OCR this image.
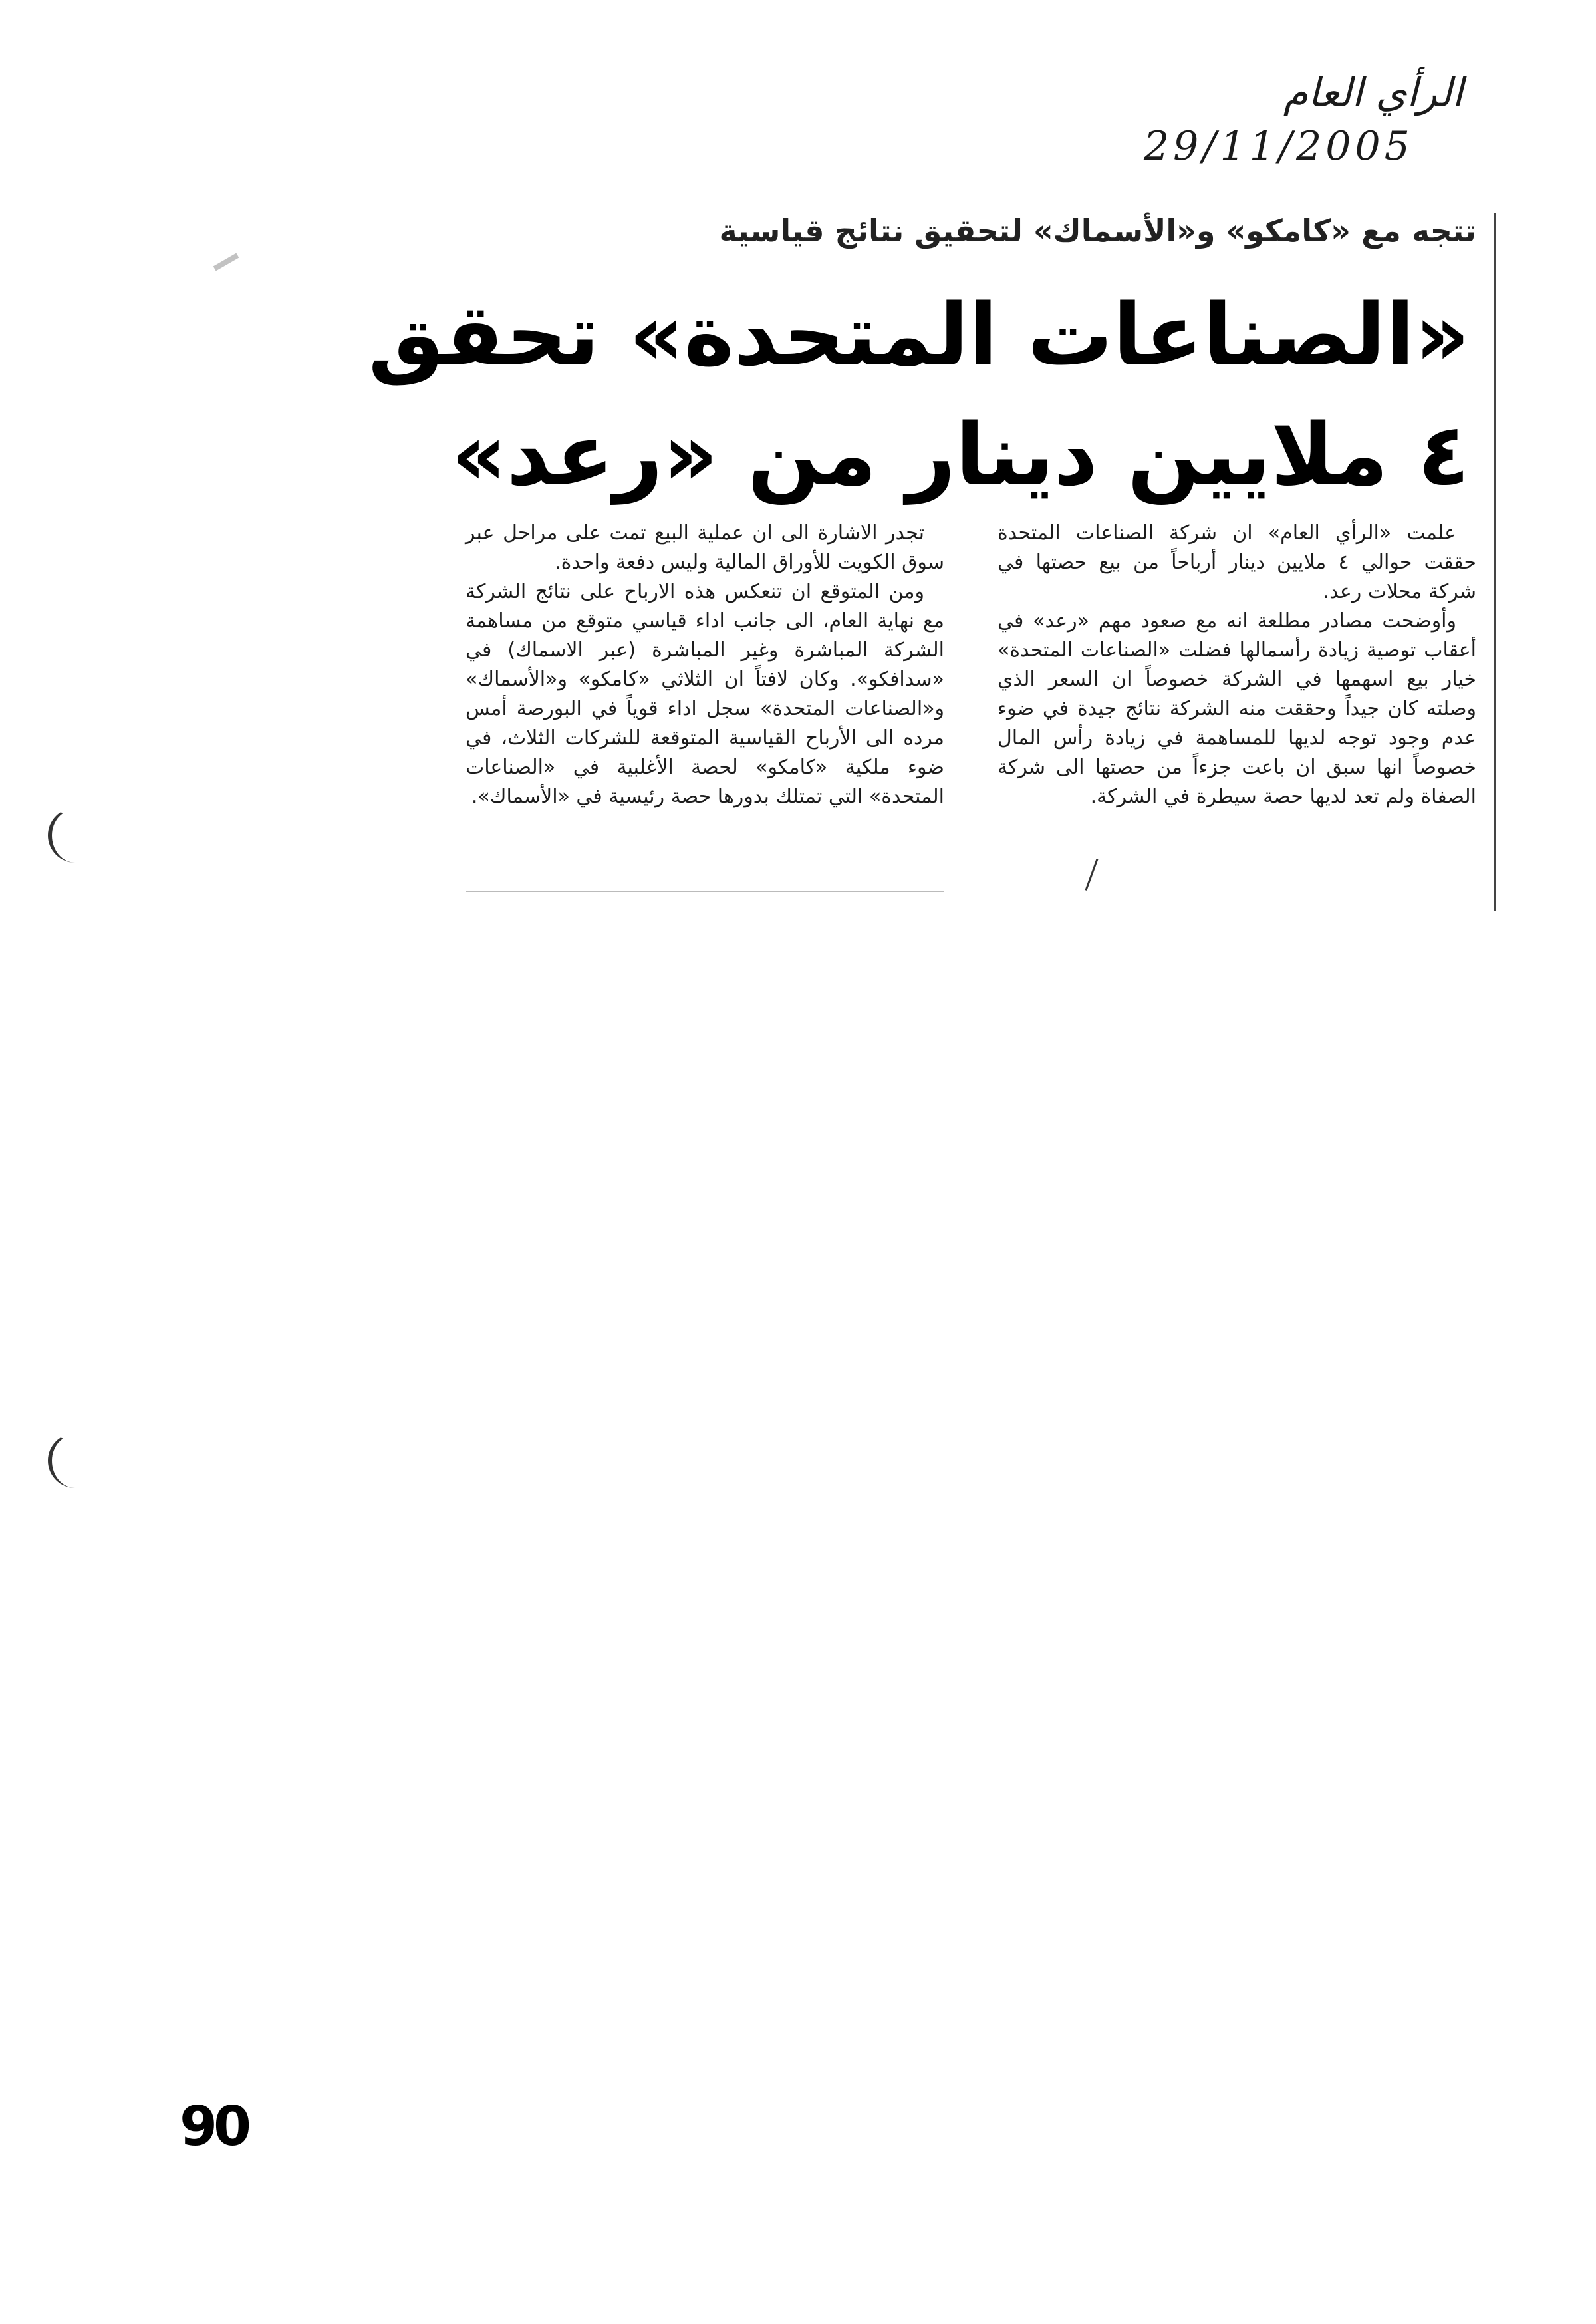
الرأي العام
29/11/2005
تتجه مع «كامكو» و«الأسماك» لتحقيق نتائج قياسية
«الصناعات المتحدة» تحقق
٤ ملايين دينار من «رعد»

علمت «الرأي العام» ان شركة الصناعات المتحدة حققت حوالي ٤ ملايين دينار أرباحاً من بيع حصتها في شركة محلات رعد.

وأوضحت مصادر مطلعة انه مع صعود مهم «رعد» في أعقاب توصية زيادة رأسمالها فضلت «الصناعات المتحدة» خيار بيع اسهمها في الشركة خصوصاً ان السعر الذي وصلته كان جيداً وحققت منه الشركة نتائج جيدة في ضوء عدم وجود توجه لديها للمساهمة في زيادة رأس المال خصوصاً انها سبق ان باعت جزءاً من حصتها الى شركة الصفاة ولم تعد لديها حصة سيطرة في الشركة.

تجدر الاشارة الى ان عملية البيع تمت على مراحل عبر سوق الكويت للأوراق المالية وليس دفعة واحدة.

ومن المتوقع ان تنعكس هذه الارباح على نتائج الشركة مع نهاية العام، الى جانب اداء قياسي متوقع من مساهمة الشركة المباشرة وغير المباشرة (عبر الاسماك) في «سدافكو». وكان لافتاً ان الثلاثي «كامكو» و«الأسماك» و«الصناعات المتحدة» سجل اداء قوياً في البورصة أمس مرده الى الأرباح القياسية المتوقعة للشركات الثلاث، في ضوء ملكية «كامكو» لحصة الأغلبية في «الصناعات المتحدة» التي تمتلك بدورها حصة رئيسية في «الأسماك».

90
